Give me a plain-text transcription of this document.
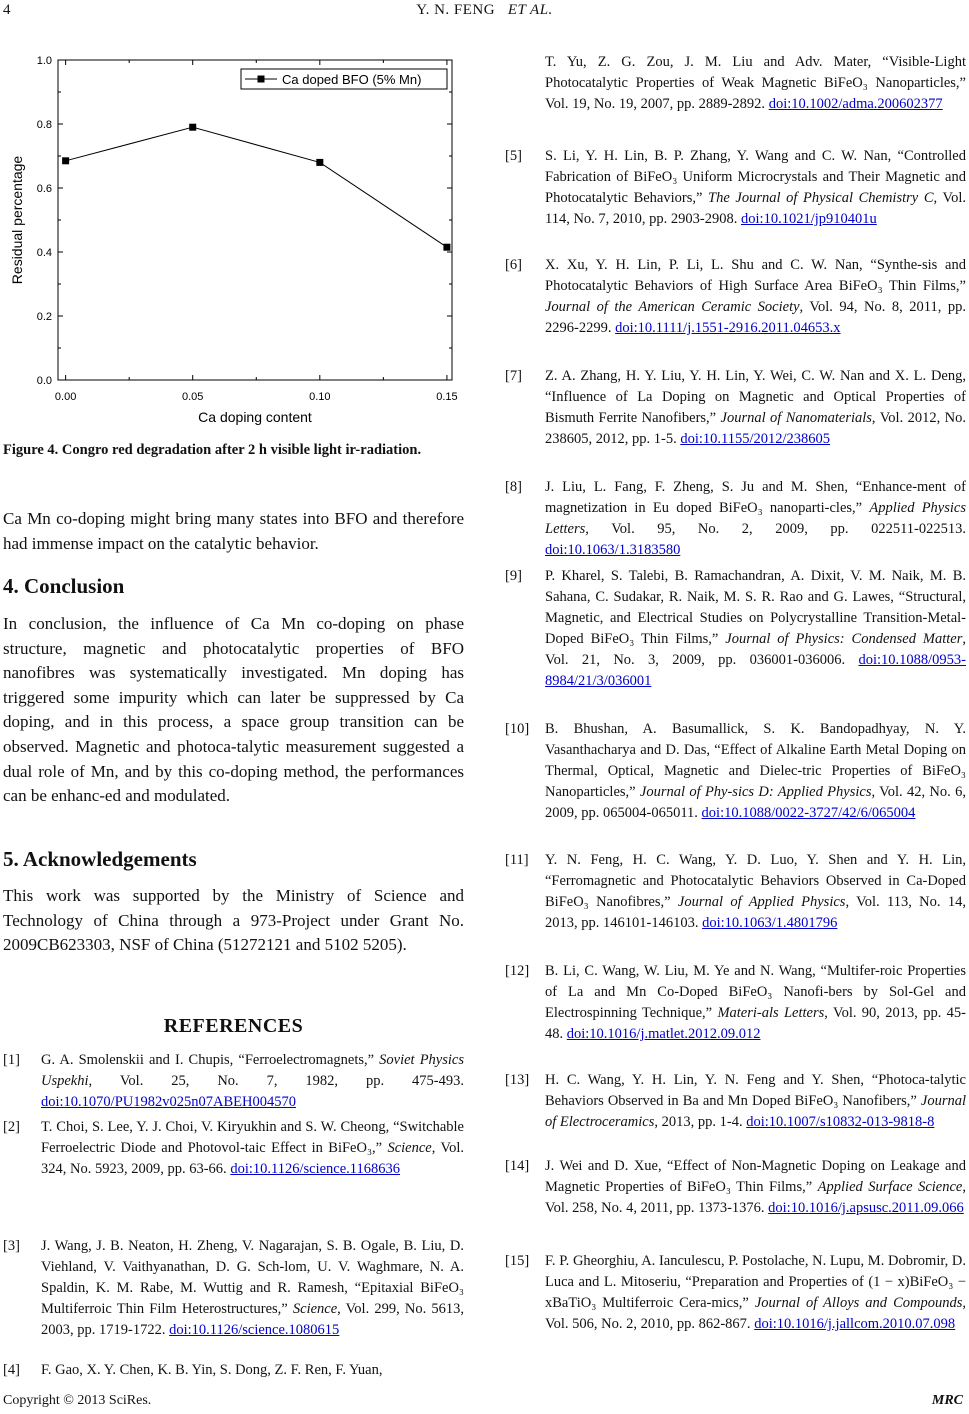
4	Y. N. FENG ET AL.
0.0
0.2
0.4
0.6
0.8
1.0
0.00	0.05	0.10	0.15
Ca doping content
Residual percentage
Ca doped BFO (5% Mn)
Figure 4. Congro red degradation after 2 h visible light ir-radiation.
Ca Mn co-doping might bring many states into BFO and therefore had immense impact on the catalytic behavior.
4. Conclusion
In conclusion, the influence of Ca Mn co-doping on phase structure, magnetic and photocatalytic properties of BFO nanofibres was systematically investigated. Mn doping has triggered some impurity which can later be suppressed by Ca doping, and in this process, a space group transition can be observed. Magnetic and photoca-talytic measurement suggested a dual role of Mn, and by this co-doping method, the performances can be enhanc-ed and modulated.
5. Acknowledgements
This work was supported by the Ministry of Science and Technology of China through a 973-Project under Grant No. 2009CB623303, NSF of China (51272121 and 5102 5205).
REFERENCES
[1] G. A. Smolenskii and I. Chupis, “Ferroelectromagnets,” Soviet Physics Uspekhi, Vol. 25, No. 7, 1982, pp. 475-493. doi:10.1070/PU1982v025n07ABEH004570
[2] T. Choi, S. Lee, Y. J. Choi, V. Kiryukhin and S. W. Cheong, “Switchable Ferroelectric Diode and Photovol-taic Effect in BiFeO₃,” Science, Vol. 324, No. 5923, 2009, pp. 63-66. doi:10.1126/science.1168636
[3] J. Wang, J. B. Neaton, H. Zheng, V. Nagarajan, S. B. Ogale, B. Liu, D. Viehland, V. Vaithyanathan, D. G. Sch-lom, U. V. Waghmare, N. A. Spaldin, K. M. Rabe, M. Wuttig and R. Ramesh, “Epitaxial BiFeO₃ Multiferroic Thin Film Heterostructures,” Science, Vol. 299, No. 5613, 2003, pp. 1719-1722. doi:10.1126/science.1080615
[4] F. Gao, X. Y. Chen, K. B. Yin, S. Dong, Z. F. Ren, F. Yuan,
T. Yu, Z. G. Zou, J. M. Liu and Adv. Mater, “Visible-Light Photocatalytic Properties of Weak Magnetic BiFeO₃ Nanoparticles,” Vol. 19, No. 19, 2007, pp. 2889-2892. doi:10.1002/adma.200602377
[5] S. Li, Y. H. Lin, B. P. Zhang, Y. Wang and C. W. Nan, “Controlled Fabrication of BiFeO₃ Uniform Microcrystals and Their Magnetic and Photocatalytic Behaviors,” The Journal of Physical Chemistry C, Vol. 114, No. 7, 2010, pp. 2903-2908. doi:10.1021/jp910401u
[6] X. Xu, Y. H. Lin, P. Li, L. Shu and C. W. Nan, “Synthe-sis and Photocatalytic Behaviors of High Surface Area BiFeO₃ Thin Films,” Journal of the American Ceramic Society, Vol. 94, No. 8, 2011, pp. 2296-2299. doi:10.1111/j.1551-2916.2011.04653.x
[7] Z. A. Zhang, H. Y. Liu, Y. H. Lin, Y. Wei, C. W. Nan and X. L. Deng, “Influence of La Doping on Magnetic and Optical Properties of Bismuth Ferrite Nanofibers,” Journal of Nanomaterials, Vol. 2012, No. 238605, 2012, pp. 1-5. doi:10.1155/2012/238605
[8] J. Liu, L. Fang, F. Zheng, S. Ju and M. Shen, “Enhance-ment of magnetization in Eu doped BiFeO₃ nanoparti-cles,” Applied Physics Letters, Vol. 95, No. 2, 2009, pp. 022511-022513. doi:10.1063/1.3183580
[9] P. Kharel, S. Talebi, B. Ramachandran, A. Dixit, V. M. Naik, M. B. Sahana, C. Sudakar, R. Naik, M. S. R. Rao and G. Lawes, “Structural, Magnetic, and Electrical Studies on Polycrystalline Transition-Metal-Doped BiFeO₃ Thin Films,” Journal of Physics: Condensed Matter, Vol. 21, No. 3, 2009, pp. 036001-036006. doi:10.1088/0953-8984/21/3/036001
[10] B. Bhushan, A. Basumallick, S. K. Bandopadhyay, N. Y. Vasanthacharya and D. Das, “Effect of Alkaline Earth Metal Doping on Thermal, Optical, Magnetic and Dielec-tric Properties of BiFeO₃ Nanoparticles,” Journal of Phy-sics D: Applied Physics, Vol. 42, No. 6, 2009, pp. 065004-065011. doi:10.1088/0022-3727/42/6/065004
[11] Y. N. Feng, H. C. Wang, Y. D. Luo, Y. Shen and Y. H. Lin, “Ferromagnetic and Photocatalytic Behaviors Observed in Ca-Doped BiFeO₃ Nanofibres,” Journal of Applied Physics, Vol. 113, No. 14, 2013, pp. 146101-146103. doi:10.1063/1.4801796
[12] B. Li, C. Wang, W. Liu, M. Ye and N. Wang, “Multifer-roic Properties of La and Mn Co-Doped BiFeO₃ Nanofi-bers by Sol-Gel and Electrospinning Technique,” Materi-als Letters, Vol. 90, 2013, pp. 45-48. doi:10.1016/j.matlet.2012.09.012
[13] H. C. Wang, Y. H. Lin, Y. N. Feng and Y. Shen, “Photoca-talytic Behaviors Observed in Ba and Mn Doped BiFeO₃ Nanofibers,” Journal of Electroceramics, 2013, pp. 1-4. doi:10.1007/s10832-013-9818-8
[14] J. Wei and D. Xue, “Effect of Non-Magnetic Doping on Leakage and Magnetic Properties of BiFeO₃ Thin Films,” Applied Surface Science, Vol. 258, No. 4, 2011, pp. 1373-1376. doi:10.1016/j.apsusc.2011.09.066
[15] F. P. Gheorghiu, A. Ianculescu, P. Postolache, N. Lupu, M. Dobromir, D. Luca and L. Mitoseriu, “Preparation and Properties of (1 − x)BiFeO₃ − xBaTiO₃ Multiferroic Cera-mics,” Journal of Alloys and Compounds, Vol. 506, No. 2, 2010, pp. 862-867. doi:10.1016/j.jallcom.2010.07.098
Copyright © 2013 SciRes.	MRC
